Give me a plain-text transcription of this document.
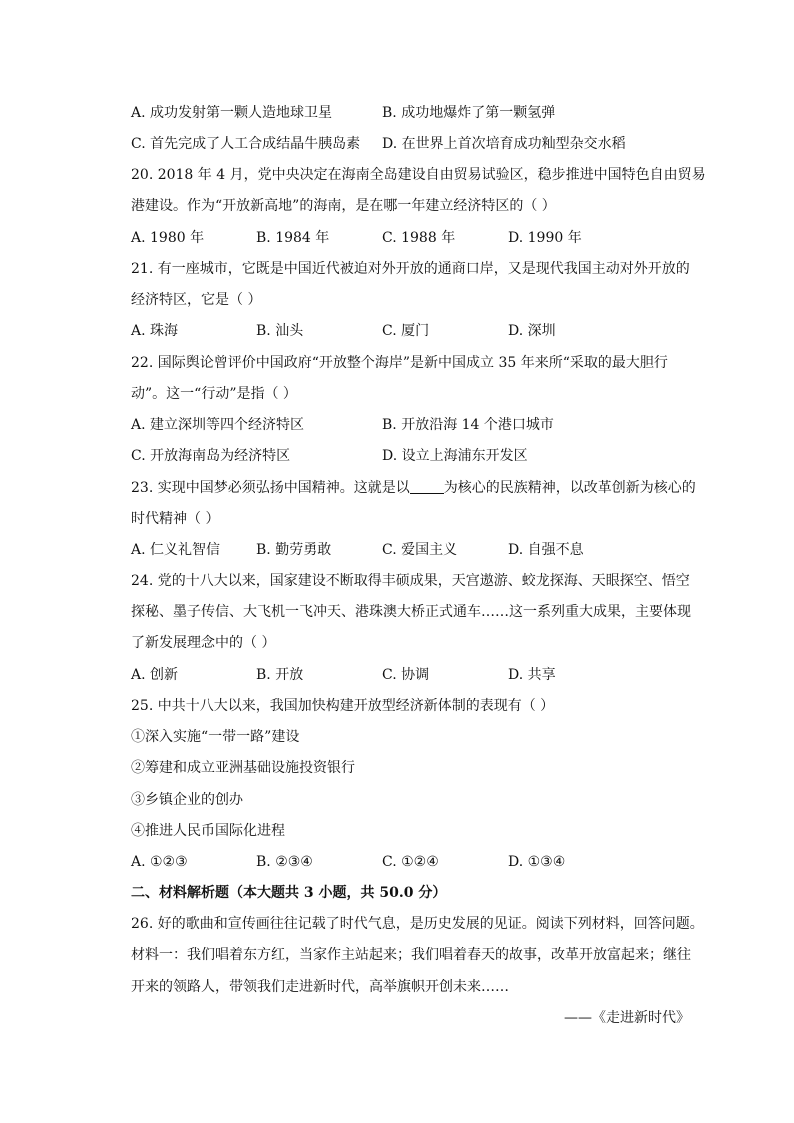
A. 成功发射第一颗人造地球卫星	B. 成功地爆炸了第一颗氢弹
C. 首先完成了人工合成结晶牛胰岛素 D. 在世界上首次培育成功籼型杂交水稻
20. 2018 年 4 月，党中央决定在海南全岛建设自由贸易试验区，稳步推进中国特色自由贸易
港建设。作为“开放新高地”的海南，是在哪一年建立经济特区的（ ）
A. 1980 年	B. 1984 年	C. 1988 年	D. 1990 年
21. 有一座城市，它既是中国近代被迫对外开放的通商口岸，又是现代我国主动对外开放的
经济特区，它是（ ）
A. 珠海	B. 汕头	C. 厦门	D. 深圳
22. 国际舆论曾评价中国政府“开放整个海岸”是新中国成立 35 年来所“采取的最大胆行
动”。这一“行动”是指（ ）
A. 建立深圳等四个经济特区	B. 开放沿海 14 个港口城市
C. 开放海南岛为经济特区	D. 设立上海浦东开发区
23. 实现中国梦必须弘扬中国精神。这就是以 为核心的民族精神，以改革创新为核心的
时代精神（ ）
A. 仁义礼智信	B. 勤劳勇敢	C. 爱国主义	D. 自强不息
24. 党的十八大以来，国家建设不断取得丰硕成果，天宫遨游、蛟龙探海、天眼探空、悟空
探秘、墨子传信、大飞机一飞冲天、港珠澳大桥正式通车……这一系列重大成果，主要体现
了新发展理念中的（ ）
A. 创新	B. 开放	C. 协调	D. 共享
25. 中共十八大以来，我国加快构建开放型经济新体制的表现有（ ）
①深入实施“一带一路”建设
②筹建和成立亚洲基础设施投资银行
③乡镇企业的创办
④推进人民币国际化进程
A. ①②③	B. ②③④	C. ①②④	D. ①③④
二、材料解析题（本大题共 3 小题，共 50.0 分）
26. 好的歌曲和宣传画往往记载了时代气息，是历史发展的见证。阅读下列材料，回答问题。
材料一：我们唱着东方红，当家作主站起来；我们唱着春天的故事，改革开放富起来；继往
开来的领路人，带领我们走进新时代，高举旗帜开创未来……
——《走进新时代》
